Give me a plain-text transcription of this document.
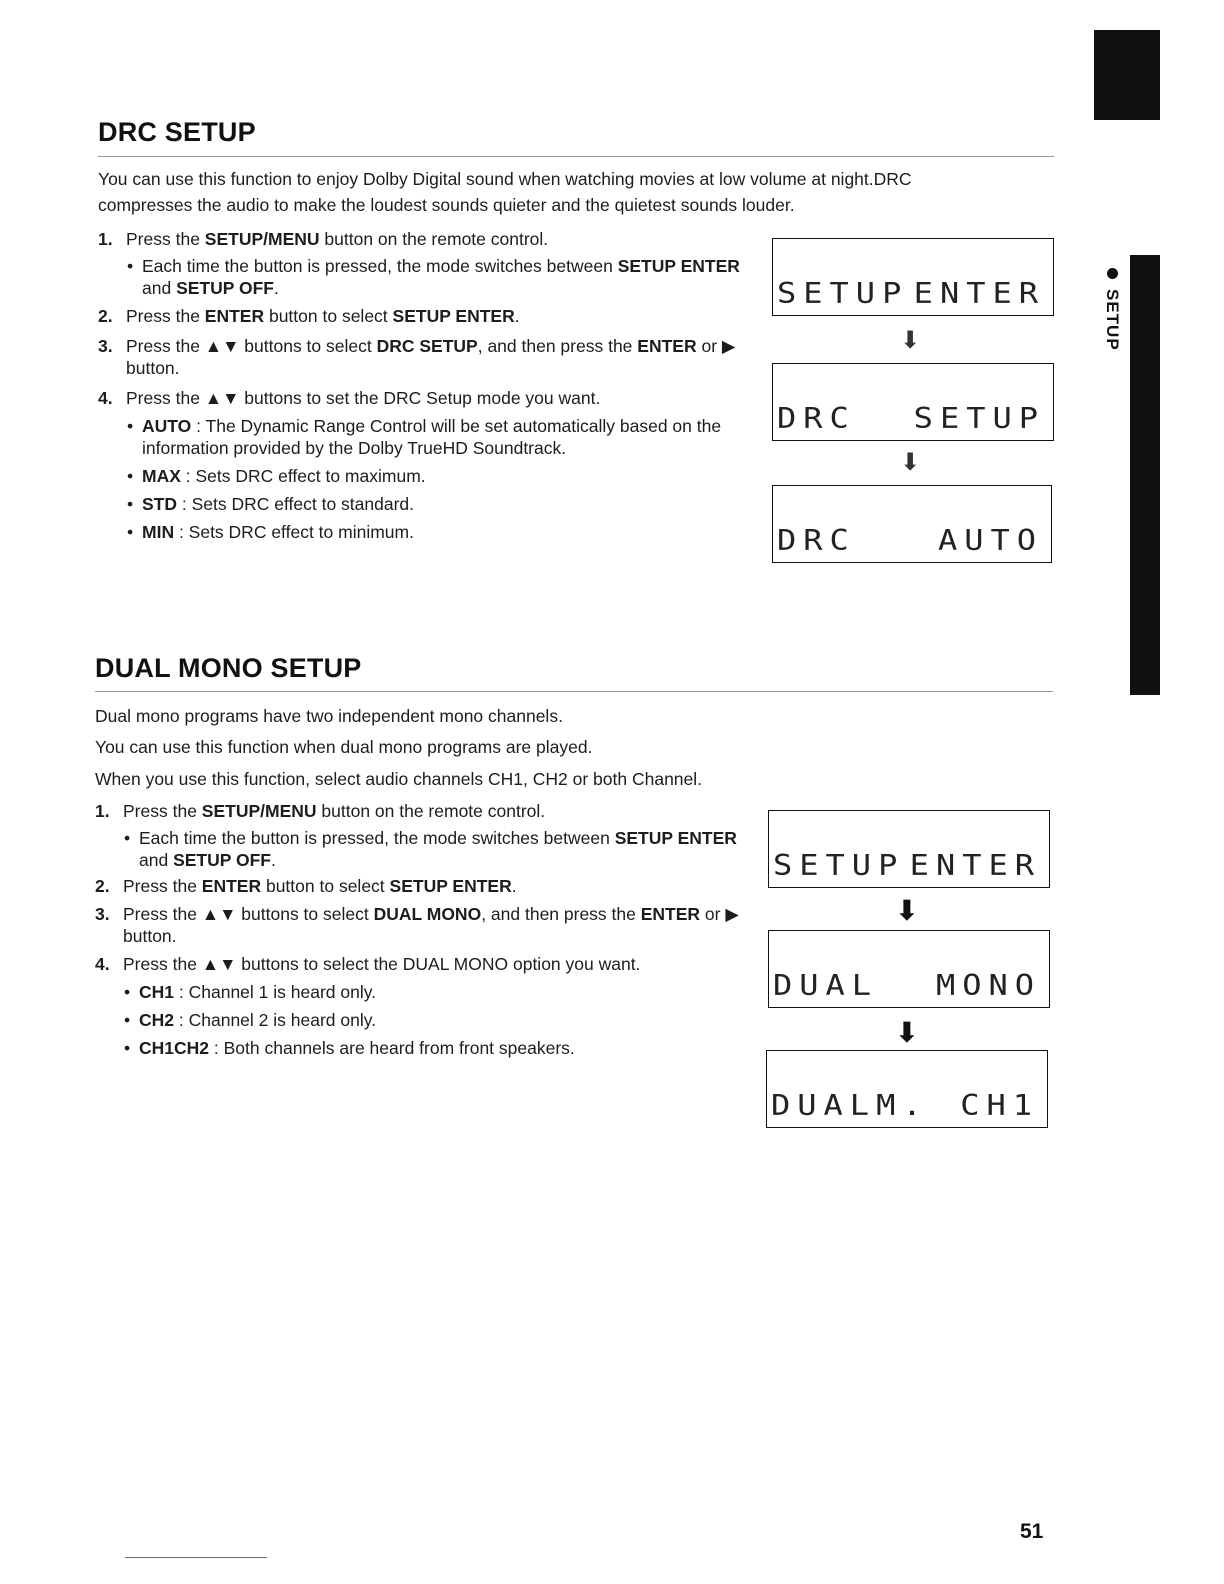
SETUP
DRC SETUP

You can use this function to enjoy Dolby Digital sound when watching movies at low volume at night.DRC compresses the audio to make the loudest sounds quieter and the quietest sounds louder.

1. Press the SETUP/MENU button on the remote control.
• Each time the button is pressed, the mode switches between SETUP ENTER and SETUP OFF.
2. Press the ENTER button to select SETUP ENTER.
3. Press the ▲▼ buttons to select DRC SETUP, and then press the ENTER or ▶ button.
4. Press the ▲▼ buttons to set the DRC Setup mode you want.
• AUTO : The Dynamic Range Control will be set automatically based on the information provided by the Dolby TrueHD Soundtrack.
• MAX : Sets DRC effect to maximum.
• STD : Sets DRC effect to standard.
• MIN : Sets DRC effect to minimum.
SETUP ENTER
⬇
DRC SETUP
⬇
DRC	AUTO
DUAL MONO SETUP

Dual mono programs have two independent mono channels.

You can use this function when dual mono programs are played.

When you use this function, select audio channels CH1, CH2 or both Channel.

1. Press the SETUP/MENU button on the remote control.
• Each time the button is pressed, the mode switches between SETUP ENTER and SETUP OFF.
2. Press the ENTER button to select SETUP ENTER.
3. Press the ▲▼ buttons to select DUAL MONO, and then press the ENTER or ▶ button.
4. Press the ▲▼ buttons to select the DUAL MONO option you want.
• CH1 : Channel 1 is heard only.
• CH2 : Channel 2 is heard only.
• CH1CH2 : Both channels are heard from front speakers.
SETUP ENTER
⬇
DUAL MONO
⬇
DUALM. CH1
51
